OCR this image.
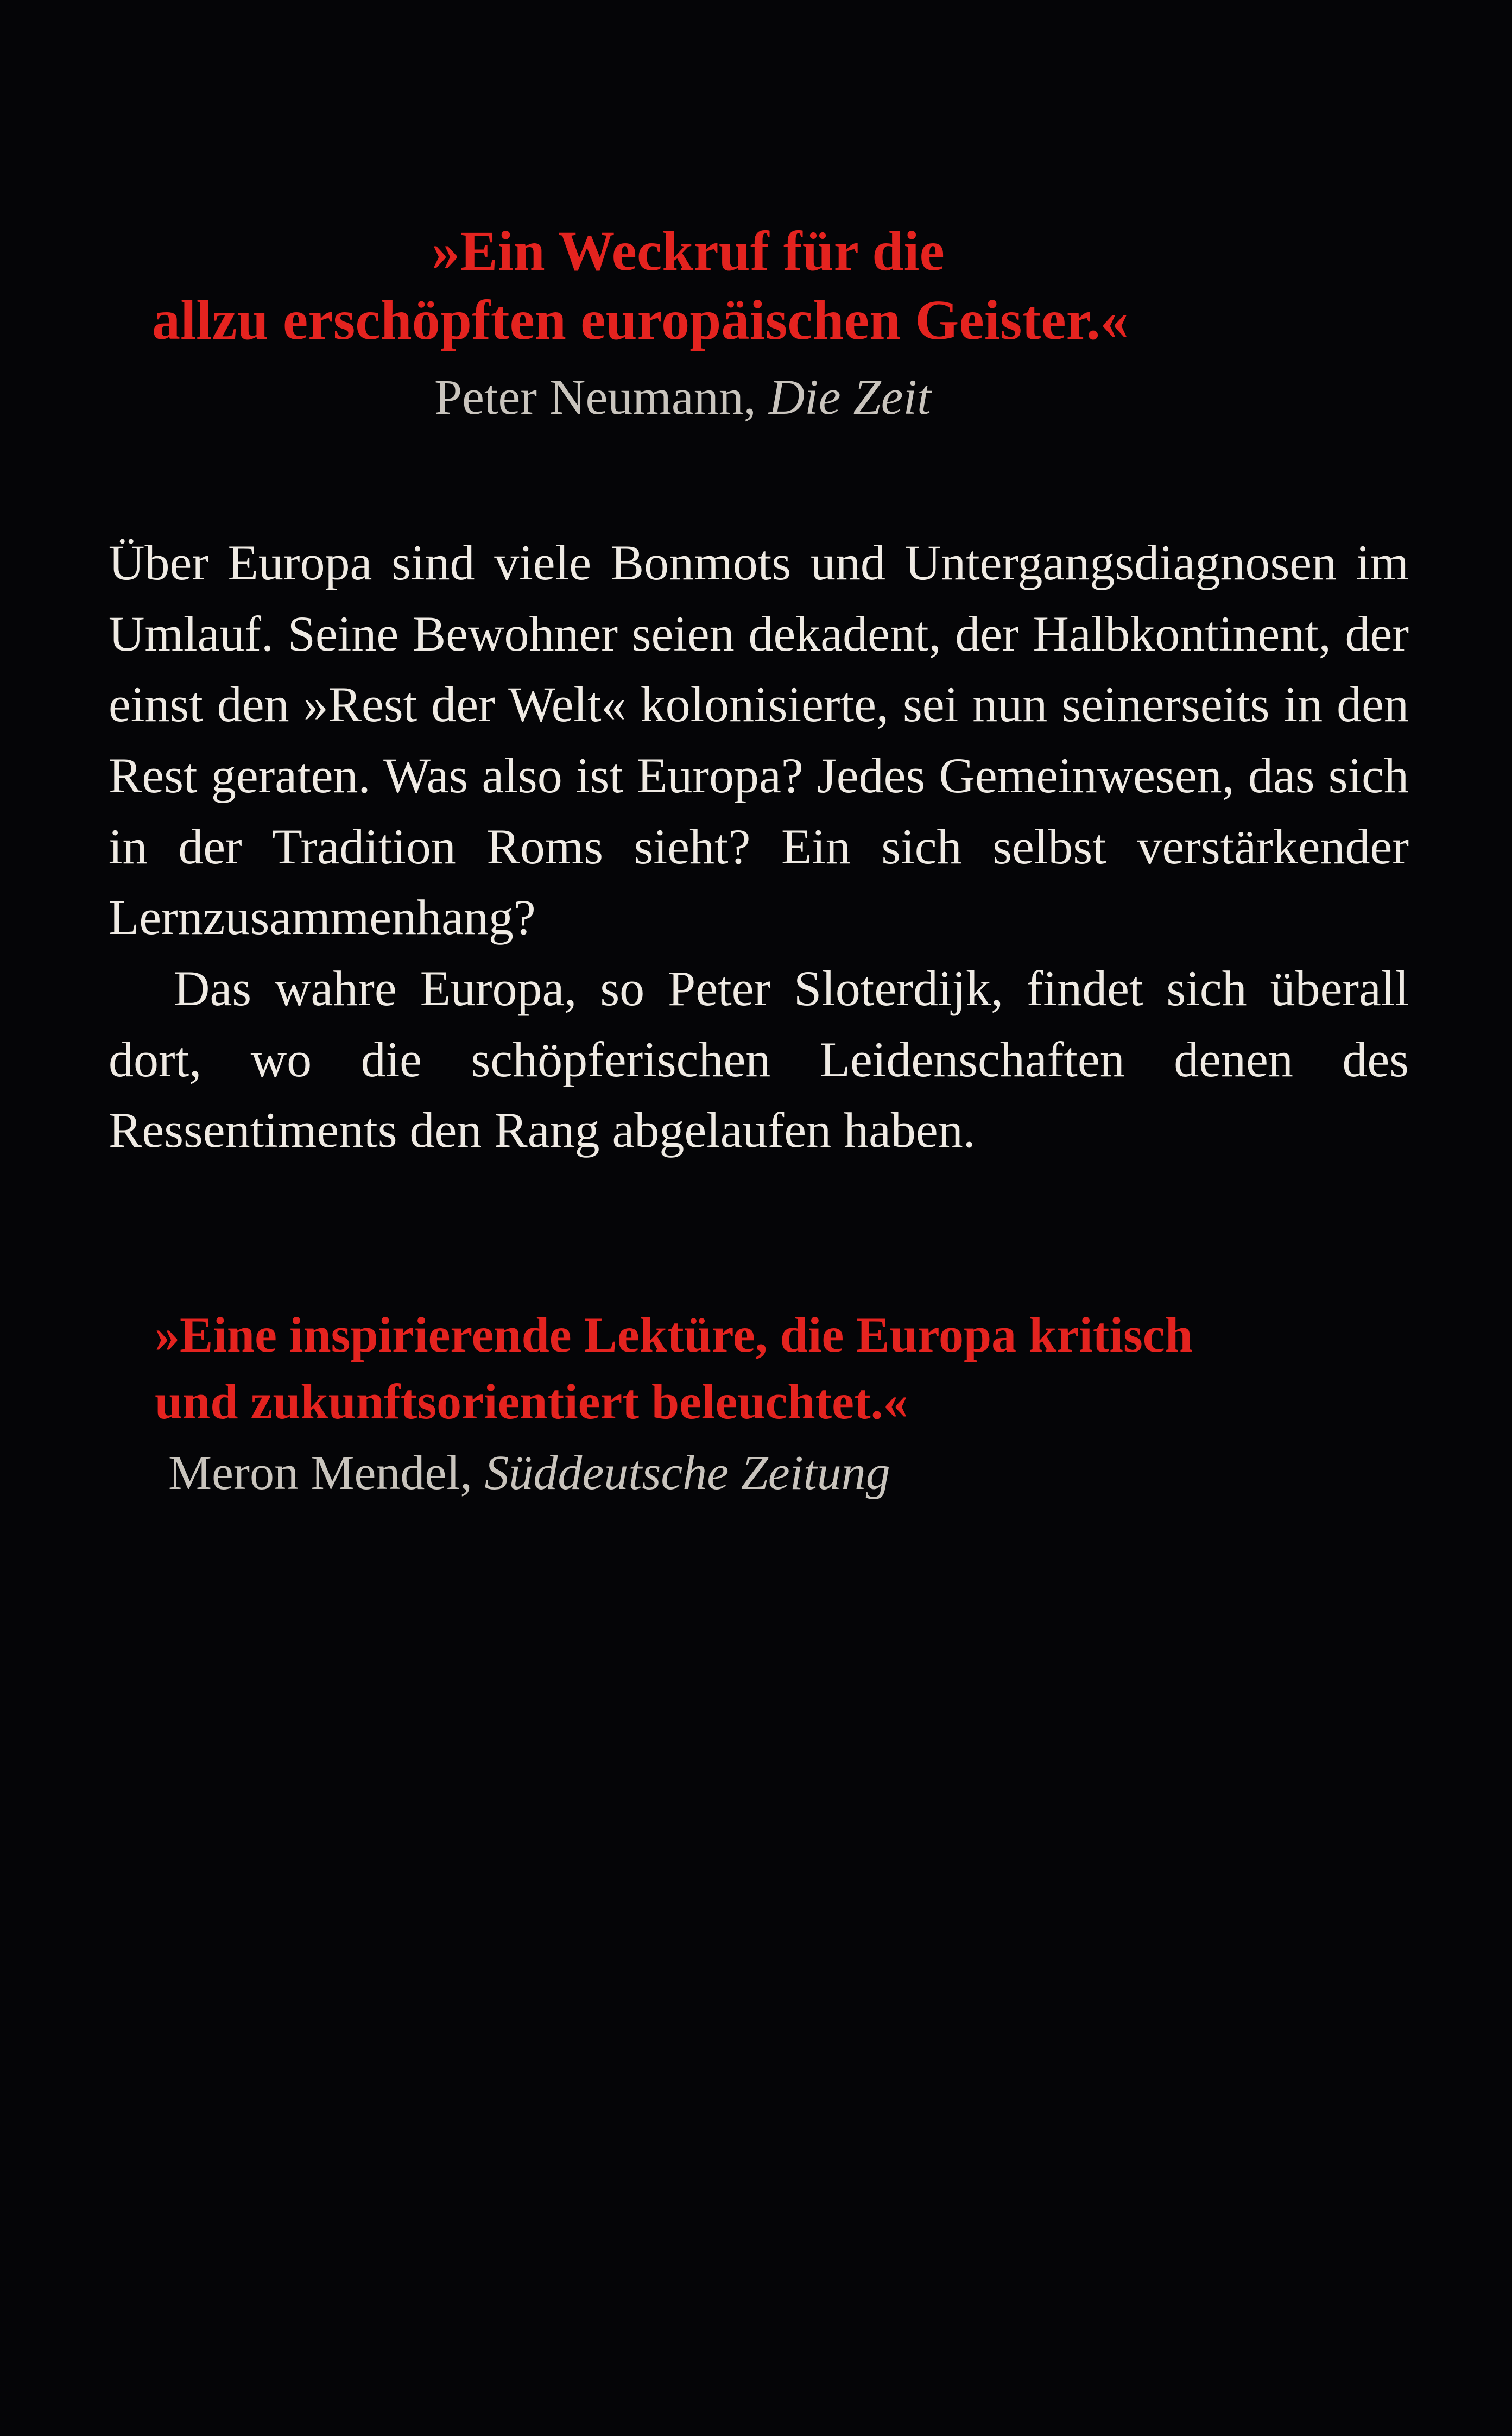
»Ein Weckruf für die
allzu erschöpften europäischen Geister.«
Peter Neumann, Die Zeit

Über Europa sind viele Bonmots und Untergangsdiagnosen im Umlauf. Seine Bewohner seien dekadent, der Halbkontinent, der einst den »Rest der Welt« kolonisierte, sei nun seinerseits in den Rest geraten. Was also ist Europa? Jedes Gemeinwesen, das sich in der Tradition Roms sieht? Ein sich selbst verstärkender Lernzusammenhang?

Das wahre Europa, so Peter Sloterdijk, findet sich überall dort, wo die schöpferischen Leidenschaften denen des Ressentiments den Rang abgelaufen haben.

»Eine inspirierende Lektüre, die Europa kritisch
und zukunftsorientiert beleuchtet.«
Meron Mendel, Süddeutsche Zeitung
